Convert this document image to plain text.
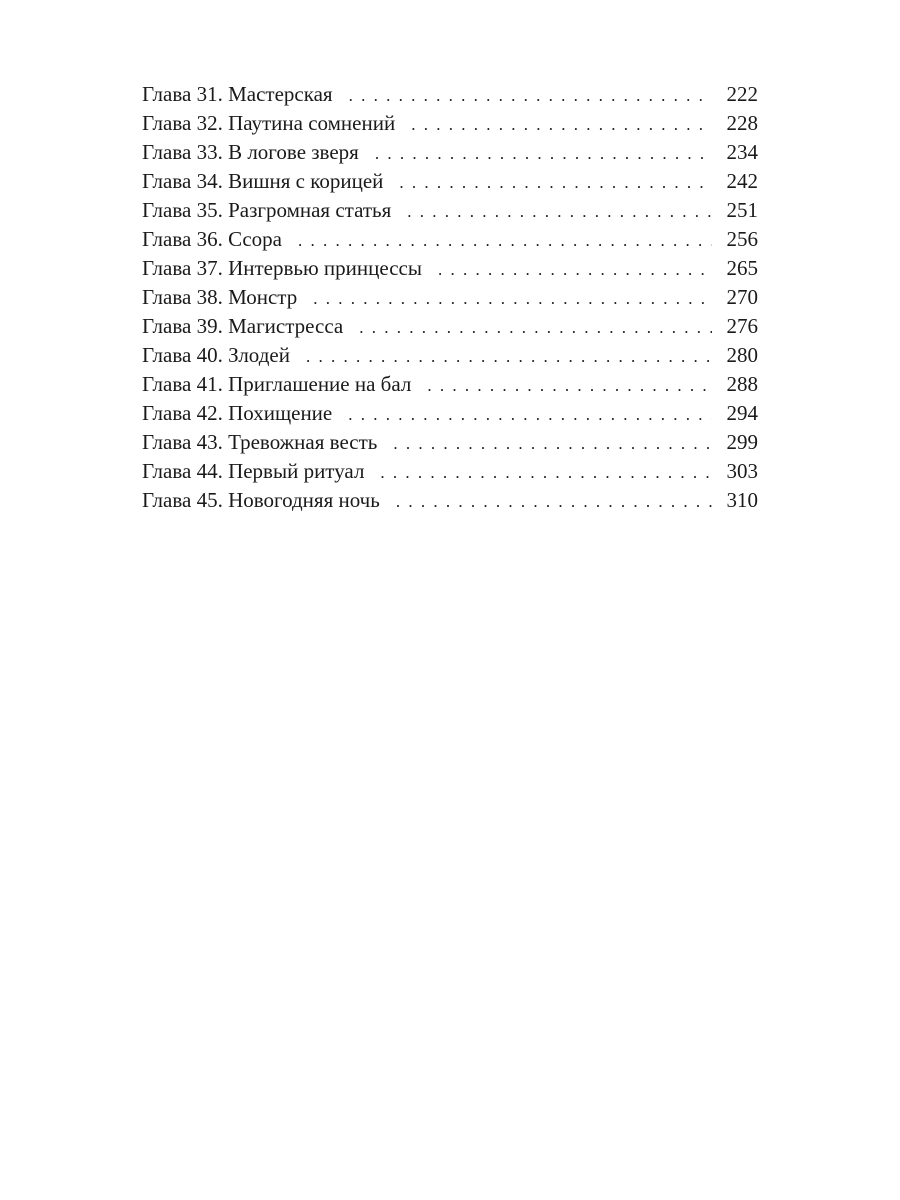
Глава 31. Мастерская . . .	222
Глава 32. Паутина сомнений . . .	228
Глава 33. В логове зверя . . .	234
Глава 34. Вишня с корицей . . .	242
Глава 35. Разгромная статья . . .	251
Глава 36. Ссора . . .	256
Глава 37. Интервью принцессы . . .	265
Глава 38. Монстр . . .	270
Глава 39. Магистресса . . .	276
Глава 40. Злодей . . .	280
Глава 41. Приглашение на бал . . .	288
Глава 42. Похищение . . .	294
Глава 43. Тревожная весть . . .	299
Глава 44. Первый ритуал . . .	303
Глава 45. Новогодняя ночь . . .	310
